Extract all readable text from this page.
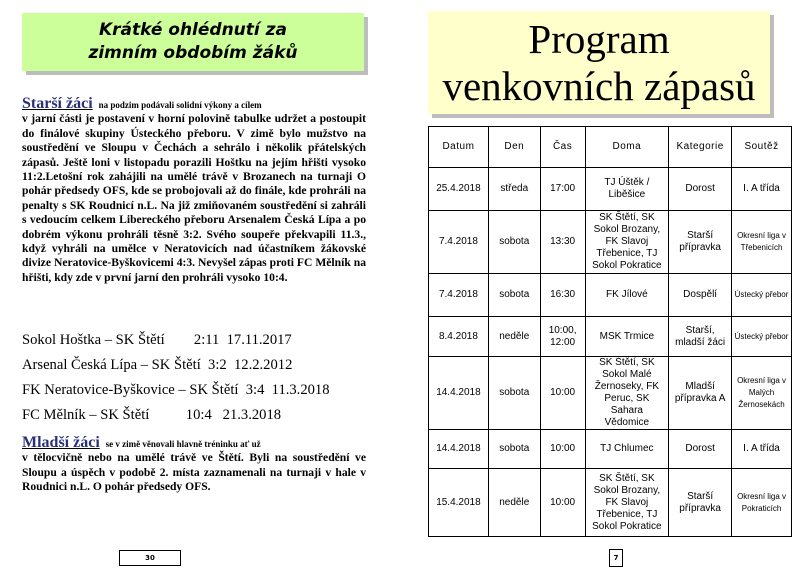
Krátké ohlédnutí za zimním obdobím žáků
Starší žáci na podzim podávali solidní výkony a cílem
v jarní části je postavení v horní polovině tabulke udržet a postoupit do finálové skupiny Ústeckého přeboru. V zimě bylo mužstvo na soustředění ve Sloupu v Čechách a sehrálo i několik přátelských zápasů. Ještě loni v listopadu porazili Hoštku na jejím hřišti vysoko 11:2.Letošní rok zahájili na umělé trávě v Brozanech na turnaji O pohár předsedy OFS, kde se probojovali až do finále, kde prohráli na penalty s SK Roudnicí n.L. Na již zmiňovaném soustředění si zahráli s vedoucím celkem Libereckého přeboru Arsenalem Česká Lípa a po dobrém výkonu prohráli těsně 3:2. Svého soupeře překvapili 11.3., když vyhráli na umělce v Neratovicích nad účastníkem žákovské divize Neratovice-Byškovicemi 4:3. Nevyšel zápas proti FC Mělník na hřišti, kdy zde v první jarní den prohráli vysoko 10:4.
Sokol Hoštka – SK Štětí        2:11  17.11.2017
Arsenal Česká Lípa – SK Štětí  3:2  12.2.2012
FK Neratovice-Byškovice – SK Štětí  3:4  11.3.2018
FC Mělník – SK Štětí          10:4   21.3.2018
Mladší žáci se v zimě věnovali hlavně tréninku ať už
v tělocvičně nebo na umělé trávě ve Štětí. Byli na soustředění ve Sloupu a úspěch v podobě 2. místa zaznamenali na turnaji v hale v Roudnici n.L. O pohár předsedy OFS.
30
Program
venkovních zápasů
Datum	Den	Čas	Doma	Kategorie	Soutěž
25.4.2018	středa	17:00	TJ Úštěk / Liběšice	Dorost	I. A třída
7.4.2018	sobota	13:30	SK Štětí, SK Sokol Brozany, FK Slavoj Třebenice, TJ Sokol Pokratice	Starší přípravka	Okresní liga v Třebenicích
7.4.2018	sobota	16:30	FK Jílové	Dospělí	Ústecký přebor
8.4.2018	neděle	10:00, 12:00	MSK Trmice	Starší, mladší žáci	Ústecký přebor
14.4.2018	sobota	10:00	SK Štětí, SK Sokol Malé Žernoseky, FK Peruc, SK Sahara Vědomice	Mladší přípravka A	Okresní liga v Malých Žernosekách
14.4.2018	sobota	10:00	TJ Chlumec	Dorost	I. A třída
15.4.2018	neděle	10:00	SK Štětí, SK Sokol Brozany, FK Slavoj Třebenice, TJ Sokol Pokratice	Starší přípravka	Okresní liga v Pokraticích
7
